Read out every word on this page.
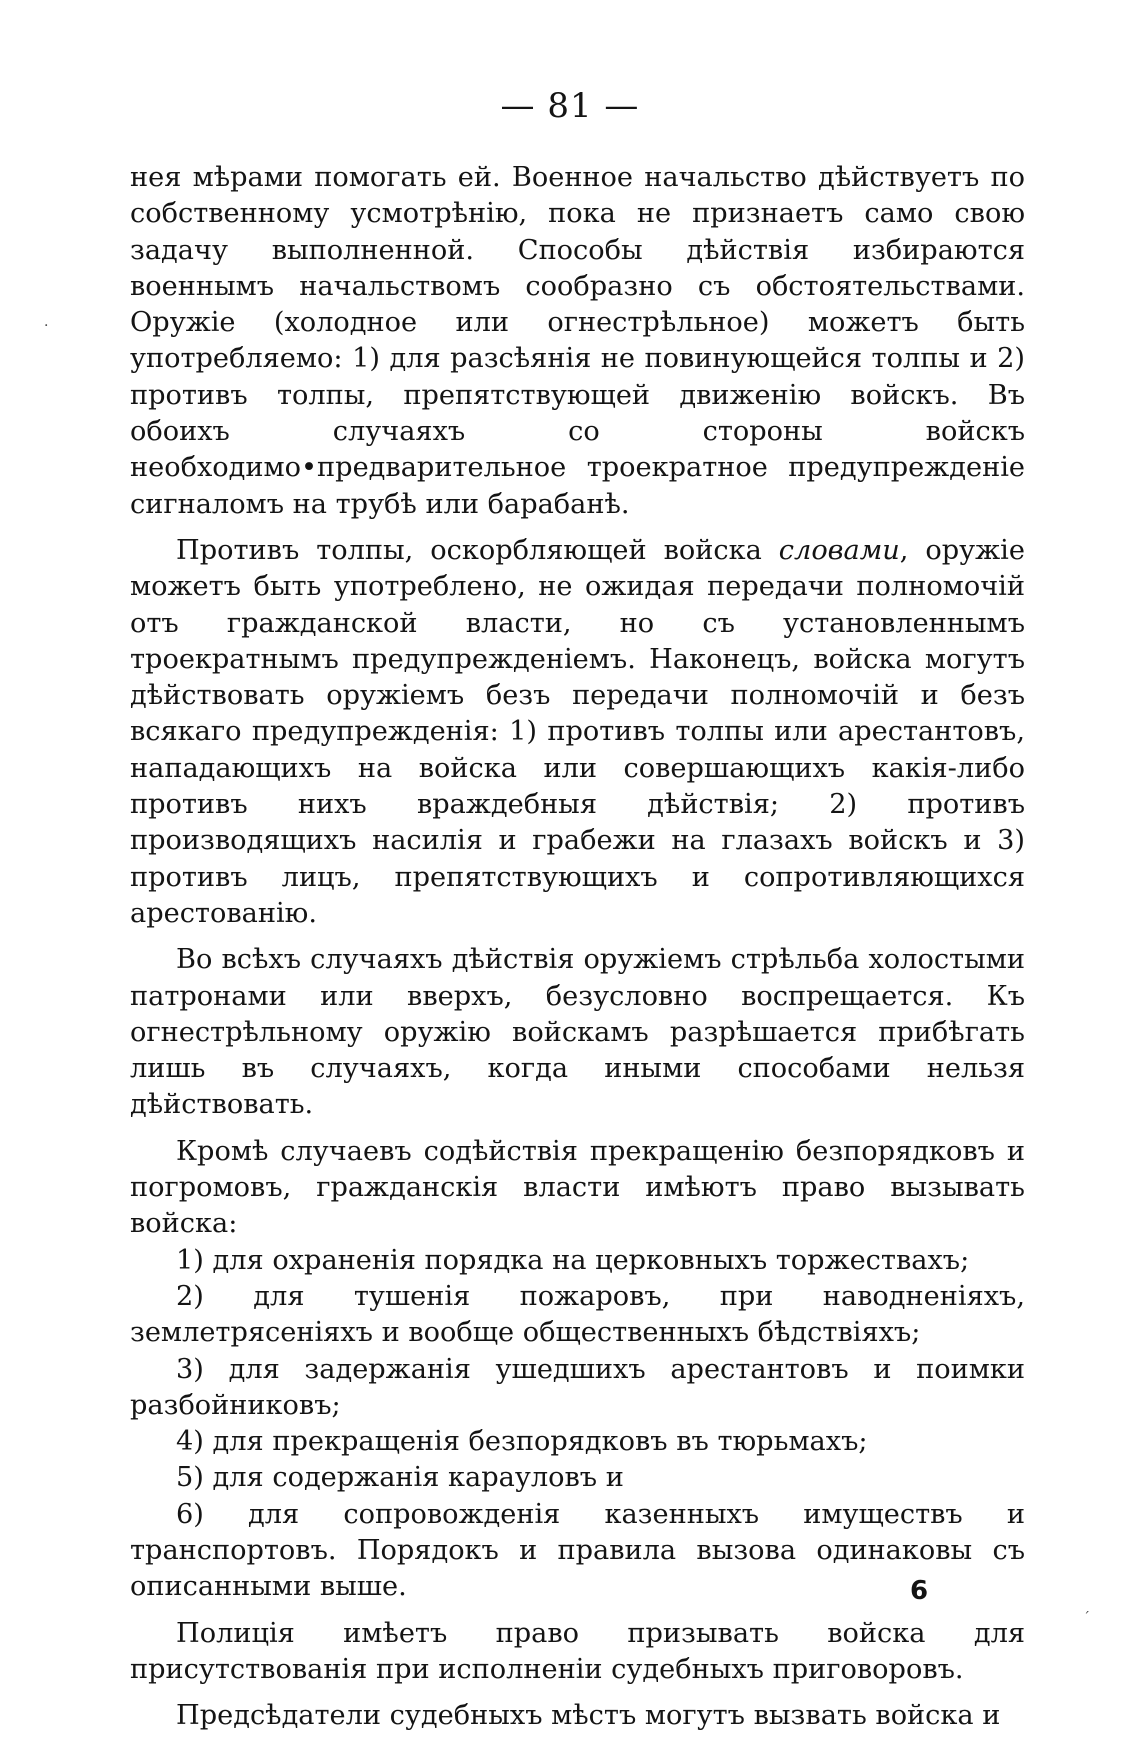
— 81 —

нея мѣрами помогать ей. Военное начальство дѣйствуетъ по собственному усмотрѣнію, пока не признаетъ само свою задачу выполненной. Способы дѣйствія избираются военнымъ начальствомъ сообразно съ обстоятельствами. Оружіе (холодное или огнестрѣльное) можетъ быть употребляемо: 1) для разсѣянія не повинующейся толпы и 2) противъ толпы, препятствующей движенію войскъ. Въ обоихъ случаяхъ со стороны войскъ необходимо•предварительное троекратное предупрежденіе сигналомъ на трубѣ или барабанѣ.

Противъ толпы, оскорбляющей войска словами, оружіе можетъ быть употреблено, не ожидая передачи полномочій отъ гражданской власти, но съ установленнымъ троекратнымъ предупрежденіемъ. Наконецъ, войска могутъ дѣйствовать оружіемъ безъ передачи полномочій и безъ всякаго предупрежденія: 1) противъ толпы или арестантовъ, нападающихъ на войска или совершающихъ какія-либо противъ нихъ враждебныя дѣйствія; 2) противъ производящихъ насилія и грабежи на глазахъ войскъ и 3) противъ лицъ, препятствующихъ и сопротивляющихся арестованію.

Во всѣхъ случаяхъ дѣйствія оружіемъ стрѣльба холостыми патронами или вверхъ, безусловно воспрещается. Къ огнестрѣльному оружію войскамъ разрѣшается прибѣгать лишь въ случаяхъ, когда иными способами нельзя дѣйствовать.

Кромѣ случаевъ содѣйствія прекращенію безпорядковъ и погромовъ, гражданскія власти имѣютъ право вызывать войска:

1) для охраненія порядка на церковныхъ торжествахъ;

2) для тушенія пожаровъ, при наводненіяхъ, землетрясеніяхъ и вообще общественныхъ бѣдствіяхъ;

3) для задержанія ушедшихъ арестантовъ и поимки разбойниковъ;

4) для прекращенія безпорядковъ въ тюрьмахъ;

5) для содержанія карауловъ и

6) для сопровожденія казенныхъ имуществъ и транспортовъ. Порядокъ и правила вызова одинаковы съ описанными выше.

Полиція имѣетъ право призывать войска для присутствованія при исполненіи судебныхъ приговоровъ.

Предсѣдатели судебныхъ мѣстъ могутъ вызвать войска и

6
·
´
